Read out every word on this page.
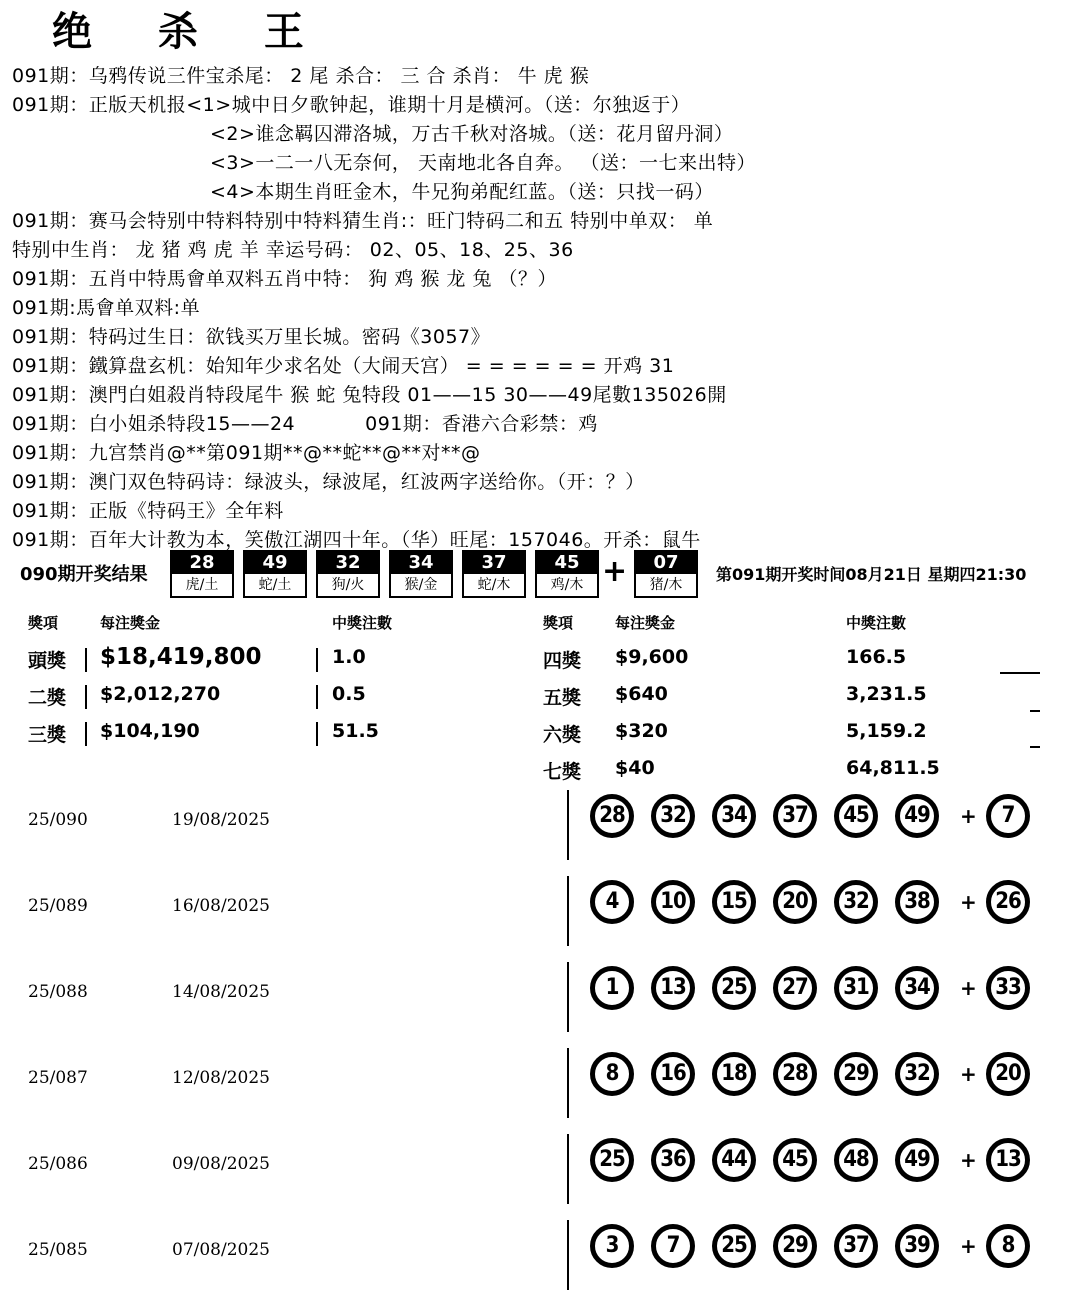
绝 杀 王
091期：乌鸦传说三件宝杀尾： 2 尾 杀合： 三 合 杀肖： 牛 虎 猴
091期：正版天机报<1>城中日夕歌钟起，谁期十月是横河。（送：尔独返于）
<2>谁念羁囚滞洛城，万古千秋对洛城。（送：花月留丹洞）
<3>一二一八无奈何， 天南地北各自奔。 （送：一七来出特）
<4>本期生肖旺金木，牛兄狗弟配红蓝。（送：只找一码）
091期：赛马会特别中特料特别中特料猜生肖:：旺门特码二和五 特别中单双： 单
特别中生肖： 龙 猪 鸡 虎 羊 幸运号码： 02、05、18、25、36
091期：五肖中特馬會单双料五肖中特： 狗 鸡 猴 龙 兔 （？）
091期:馬會单双料:单
091期：特码过生日：欲钱买万里长城。密码《3057》
091期：鐵算盘玄机：始知年少求名处（大闹天宫） = = = = = = 开鸡 31
091期：澳門白姐殺肖特段尾牛 猴 蛇 兔特段 01——15 30——49尾數135026開
091期：白小姐杀特段15——24	091期：香港六合彩禁：鸡
091期：九宫禁肖@**第091期**@**蛇**@**对**@
091期：澳门双色特码诗：绿波头，绿波尾，红波两字送给你。（开：？）
091期：正版《特码王》全年料
091期：百年大计教为本，笑傲江湖四十年。（华）旺尾：157046。开杀：鼠牛
090期开奖结果	+	第091期开奖时间08月21日 星期四21:30
28
虎/土
49
蛇/土
32
狗/火
34
猴/金
37
蛇/木
45
鸡/木
07
猪/木
獎項	每注獎金	中獎注數	獎項	每注獎金	中獎注數
頭獎 $18,419,800	1.0
二獎 $2,012,270	0.5
三獎 $104,190	51.5
四獎 $9,600	166.5
五獎 $640	3,231.5
六獎 $320	5,159.2
七獎 $40	64,811.5
25/090	19/08/2025	28	32	34	37	45	49	+	7
25/089	16/08/2025	4	10	15	20	32	38	+ 26
25/088	14/08/2025	1	13	25	27	31	34	+ 33
25/087	12/08/2025	8	16	18	28	29	32	+ 20
25/086	09/08/2025	25	36	44	45	48	49	+ 13
25/085	07/08/2025	3	7	25	29	37	39	+	8
